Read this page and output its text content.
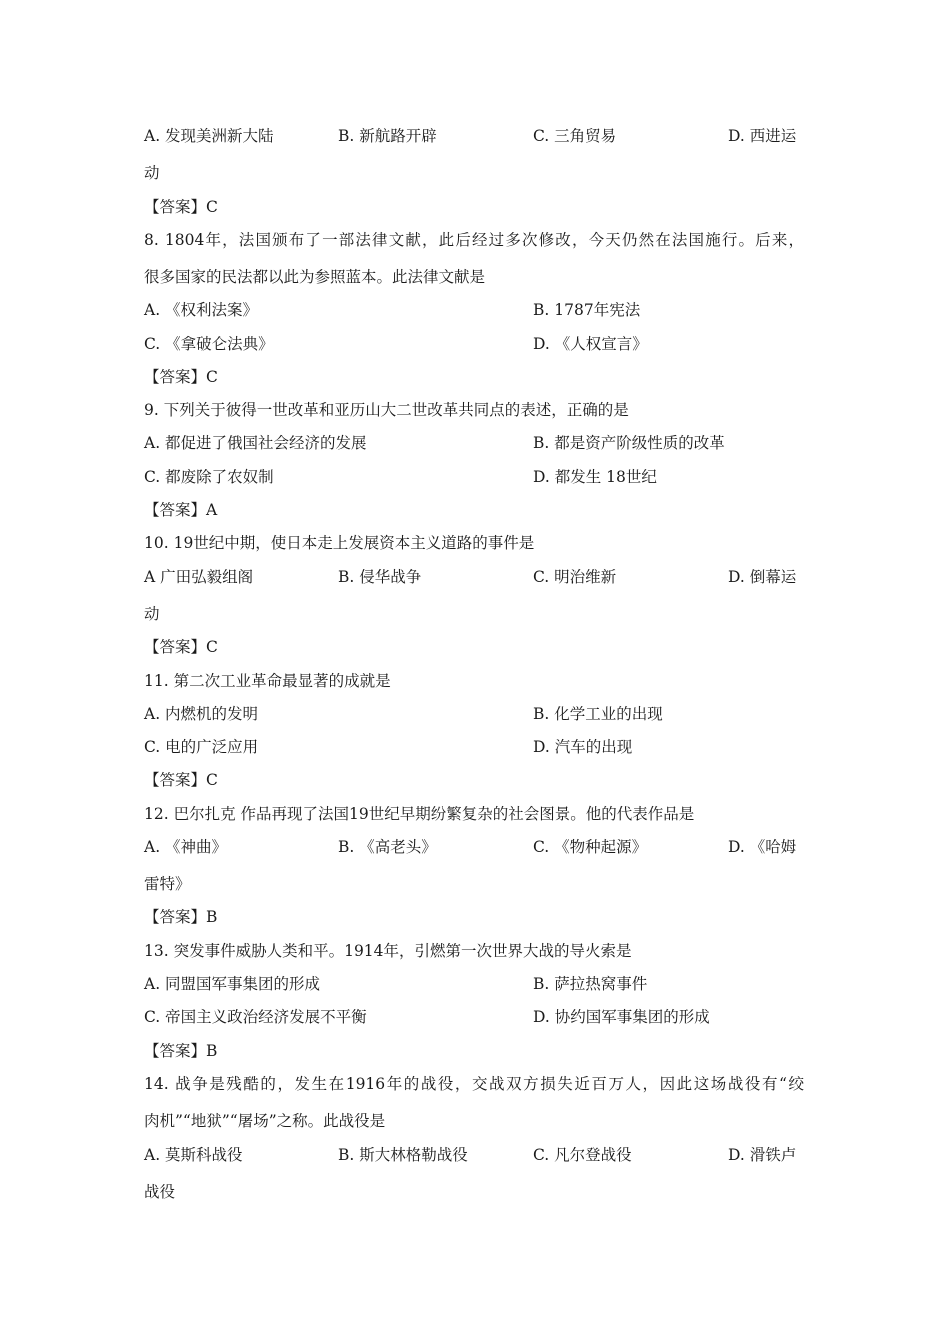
A. 发现美洲新大陆	B. 新航路开辟	C. 三角贸易	D. 西进运
动
【答案】C
8. 1804年，法国颁布了一部法律文献，此后经过多次修改，今天仍然在法国施行。后来，
很多国家的民法都以此为参照蓝本。此法律文献是
A. 《权利法案》	B. 1787年宪法
C. 《拿破仑法典》	D. 《人权宣言》
【答案】C
9. 下列关于彼得一世改革和亚历山大二世改革共同点的表述，正确的是
A. 都促进了俄国社会经济的发展	B. 都是资产阶级性质的改革
C. 都废除了农奴制	D. 都发生 18世纪
【答案】A
10. 19世纪中期，使日本走上发展资本主义道路的事件是
A 广田弘毅组阁	B. 侵华战争	C. 明治维新	D. 倒幕运
动
【答案】C
11. 第二次工业革命最显著的成就是
A. 内燃机的发明	B. 化学工业的出现
C. 电的广泛应用	D. 汽车的出现
【答案】C
12. 巴尔扎克 作品再现了法国19世纪早期纷繁复杂的社会图景。他的代表作品是
A. 《神曲》	B. 《高老头》	C. 《物种起源》	D. 《哈姆
雷特》
【答案】B
13. 突发事件威胁人类和平。1914年，引燃第一次世界大战的导火索是
A. 同盟国军事集团的形成	B. 萨拉热窝事件
C. 帝国主义政治经济发展不平衡	D. 协约国军事集团的形成
【答案】B
14. 战争是残酷的，发生在1916年的战役，交战双方损失近百万人，因此这场战役有“绞
肉机”“地狱”“屠场”之称。此战役是
A. 莫斯科战役	B. 斯大林格勒战役	C. 凡尔登战役	D. 滑铁卢
战役
